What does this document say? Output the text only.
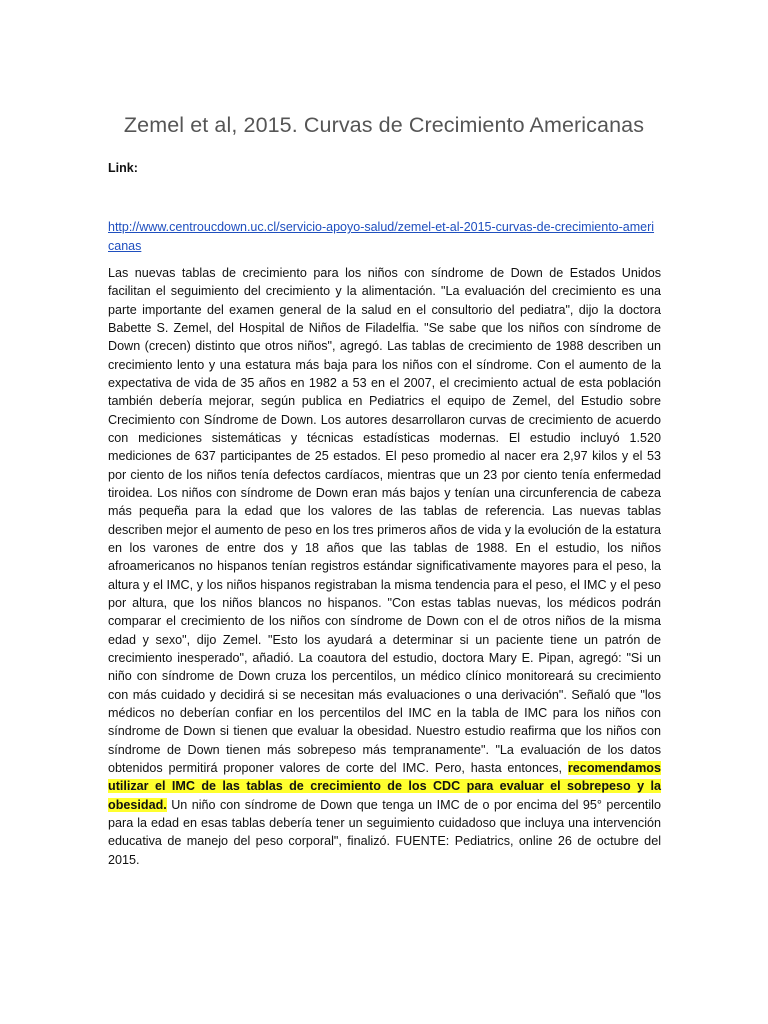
Zemel et al, 2015. Curvas de Crecimiento Americanas
Link:
http://www.centroucdown.uc.cl/servicio-apoyo-salud/zemel-et-al-2015-curvas-de-crecimiento-americanas

Las nuevas tablas de crecimiento para los niños con síndrome de Down de Estados Unidos facilitan el seguimiento del crecimiento y la alimentación. "La evaluación del crecimiento es una parte importante del examen general de la salud en el consultorio del pediatra", dijo la doctora Babette S. Zemel, del Hospital de Niños de Filadelfia. "Se sabe que los niños con síndrome de Down (crecen) distinto que otros niños", agregó. Las tablas de crecimiento de 1988 describen un crecimiento lento y una estatura más baja para los niños con el síndrome. Con el aumento de la expectativa de vida de 35 años en 1982 a 53 en el 2007, el crecimiento actual de esta población también debería mejorar, según publica en Pediatrics el equipo de Zemel, del Estudio sobre Crecimiento con Síndrome de Down. Los autores desarrollaron curvas de crecimiento de acuerdo con mediciones sistemáticas y técnicas estadísticas modernas. El estudio incluyó 1.520 mediciones de 637 participantes de 25 estados. El peso promedio al nacer era 2,97 kilos y el 53 por ciento de los niños tenía defectos cardíacos, mientras que un 23 por ciento tenía enfermedad tiroidea. Los niños con síndrome de Down eran más bajos y tenían una circunferencia de cabeza más pequeña para la edad que los valores de las tablas de referencia. Las nuevas tablas describen mejor el aumento de peso en los tres primeros años de vida y la evolución de la estatura en los varones de entre dos y 18 años que las tablas de 1988. En el estudio, los niños afroamericanos no hispanos tenían registros estándar significativamente mayores para el peso, la altura y el IMC, y los niños hispanos registraban la misma tendencia para el peso, el IMC y el peso por altura, que los niños blancos no hispanos. "Con estas tablas nuevas, los médicos podrán comparar el crecimiento de los niños con síndrome de Down con el de otros niños de la misma edad y sexo", dijo Zemel. "Esto los ayudará a determinar si un paciente tiene un patrón de crecimiento inesperado", añadió. La coautora del estudio, doctora Mary E. Pipan, agregó: "Si un niño con síndrome de Down cruza los percentilos, un médico clínico monitoreará su crecimiento con más cuidado y decidirá si se necesitan más evaluaciones o una derivación". Señaló que "los médicos no deberían confiar en los percentilos del IMC en la tabla de IMC para los niños con síndrome de Down si tienen que evaluar la obesidad. Nuestro estudio reafirma que los niños con síndrome de Down tienen más sobrepeso más tempranamente". "La evaluación de los datos obtenidos permitirá proponer valores de corte del IMC. Pero, hasta entonces, recomendamos utilizar el IMC de las tablas de crecimiento de los CDC para evaluar el sobrepeso y la obesidad. Un niño con síndrome de Down que tenga un IMC de o por encima del 95° percentilo para la edad en esas tablas debería tener un seguimiento cuidadoso que incluya una intervención educativa de manejo del peso corporal", finalizó. FUENTE: Pediatrics, online 26 de octubre del 2015.
